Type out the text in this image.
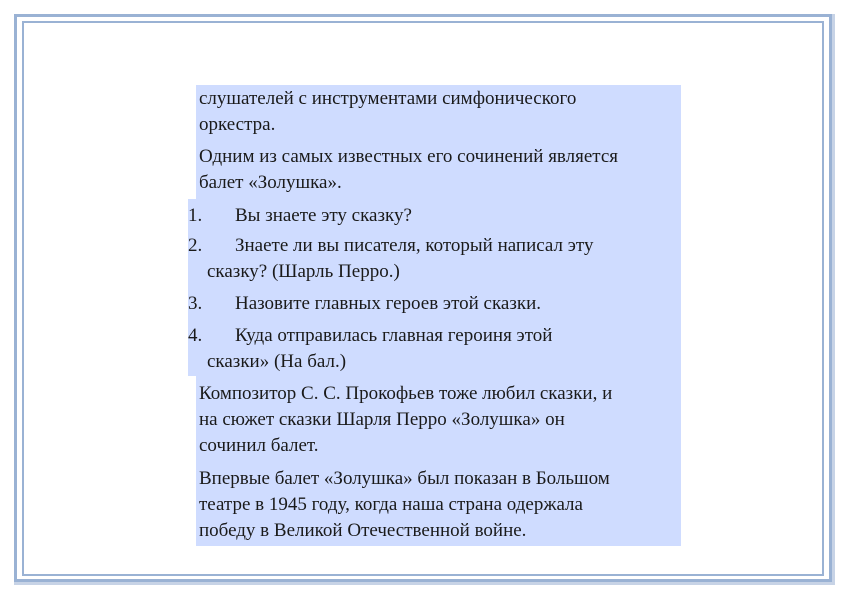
слушателей с инструментами симфонического
оркестра.
Одним из самых известных его сочинений является
балет «Золушка».
1. Вы знаете эту сказку?
2. Знаете ли вы писателя, который написал эту
сказку? (Шарль Перро.)
3. Назовите главных героев этой сказки.
4. Куда отправилась главная героиня этой
сказки» (На бал.)
Композитор С. С. Прокофьев тоже любил сказки, и
на сюжет сказки Шарля Перро «Золушка» он
сочинил балет.
Впервые балет «Золушка» был показан в Большом
театре в 1945 году, когда наша страна одержала
победу в Великой Отечественной войне.
